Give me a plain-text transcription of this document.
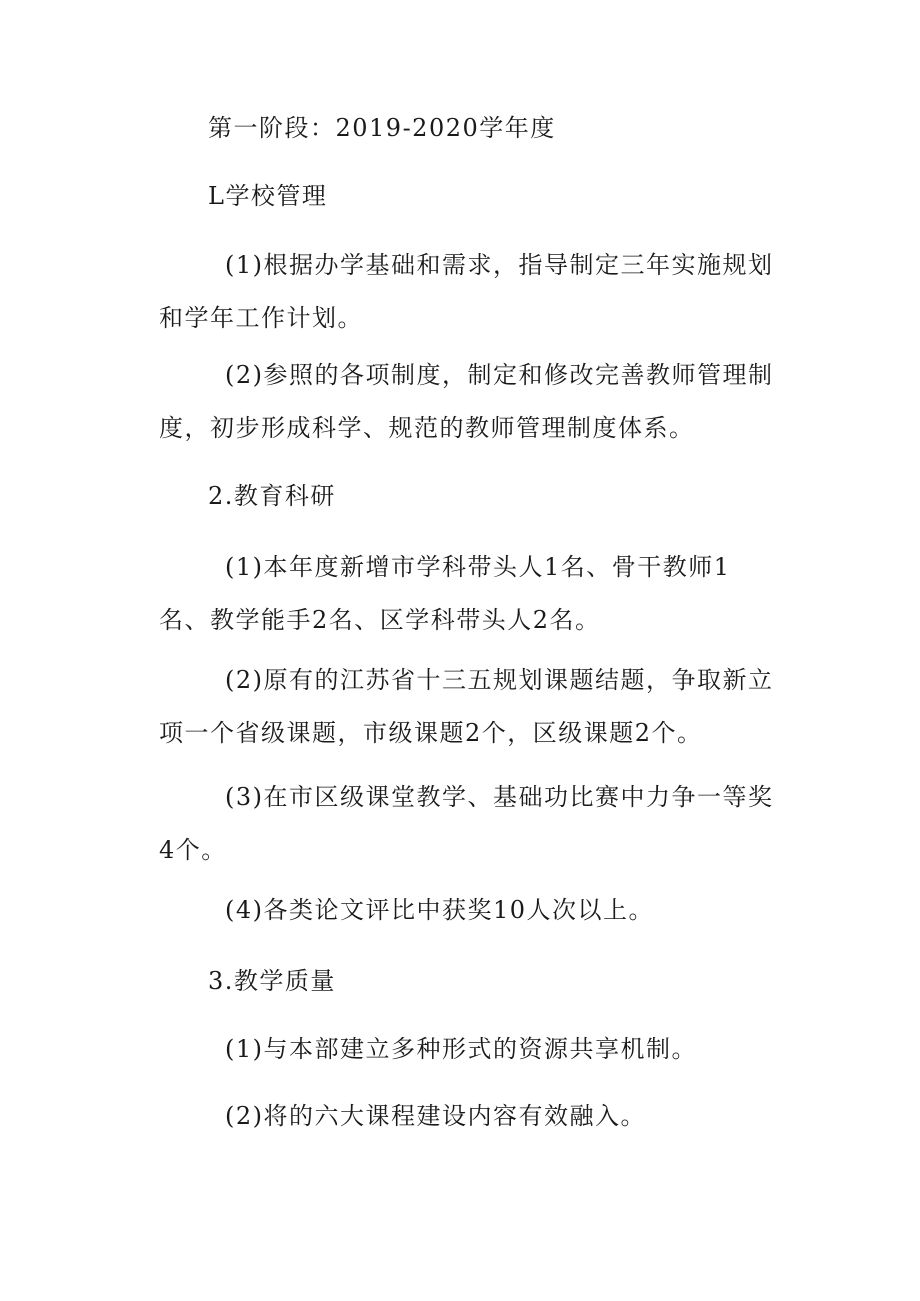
第一阶段：2019-2020学年度

L学校管理

(1)根据办学基础和需求，指导制定三年实施规划和学年工作计划。

(2)参照的各项制度，制定和修改完善教师管理制度，初步形成科学、规范的教师管理制度体系。

2.教育科研

(1)本年度新增市学科带头人1名、骨干教师1名、教学能手2名、区学科带头人2名。

(2)原有的江苏省十三五规划课题结题，争取新立项一个省级课题，市级课题2个，区级课题2个。

(3)在市区级课堂教学、基础功比赛中力争一等奖4个。

(4)各类论文评比中获奖10人次以上。

3.教学质量

(1)与本部建立多种形式的资源共享机制。

(2)将的六大课程建设内容有效融入。
